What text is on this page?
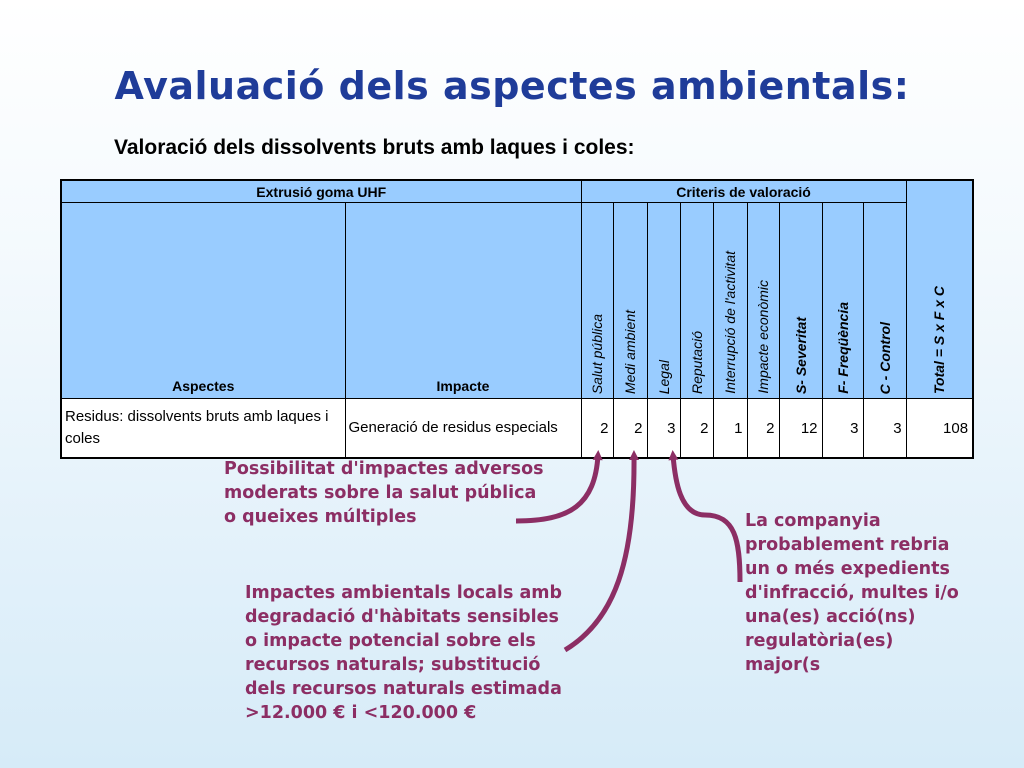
Avaluació dels aspectes ambientals:
Valoració dels dissolvents bruts amb laques i coles:
Extrusió goma UHF		Criteris de valoració									Total = S x F x C

Aspectes	Impacte	Salut pública	Medi ambient	Legal	Reputació	Interrupció de l'activitat	Impacte econòmic	S- Severitat	F- Freqüència	C - Control	

Residus: dissolvents bruts amb laques i coles	Generació de residus especials	2	2	3	2	1	2	12	3	3	108
Possibilitat d'impactes adversos moderats sobre la salut pública o queixes múltiples
Impactes ambientals locals amb degradació d'hàbitats sensibles o impacte potencial sobre els recursos naturals; substitució dels recursos naturals estimada >12.000 € i <120.000 €
La companyia probablement rebria un o més expedients d'infracció, multes i/o una(es) acció(ns) regulatòria(es) major(s
